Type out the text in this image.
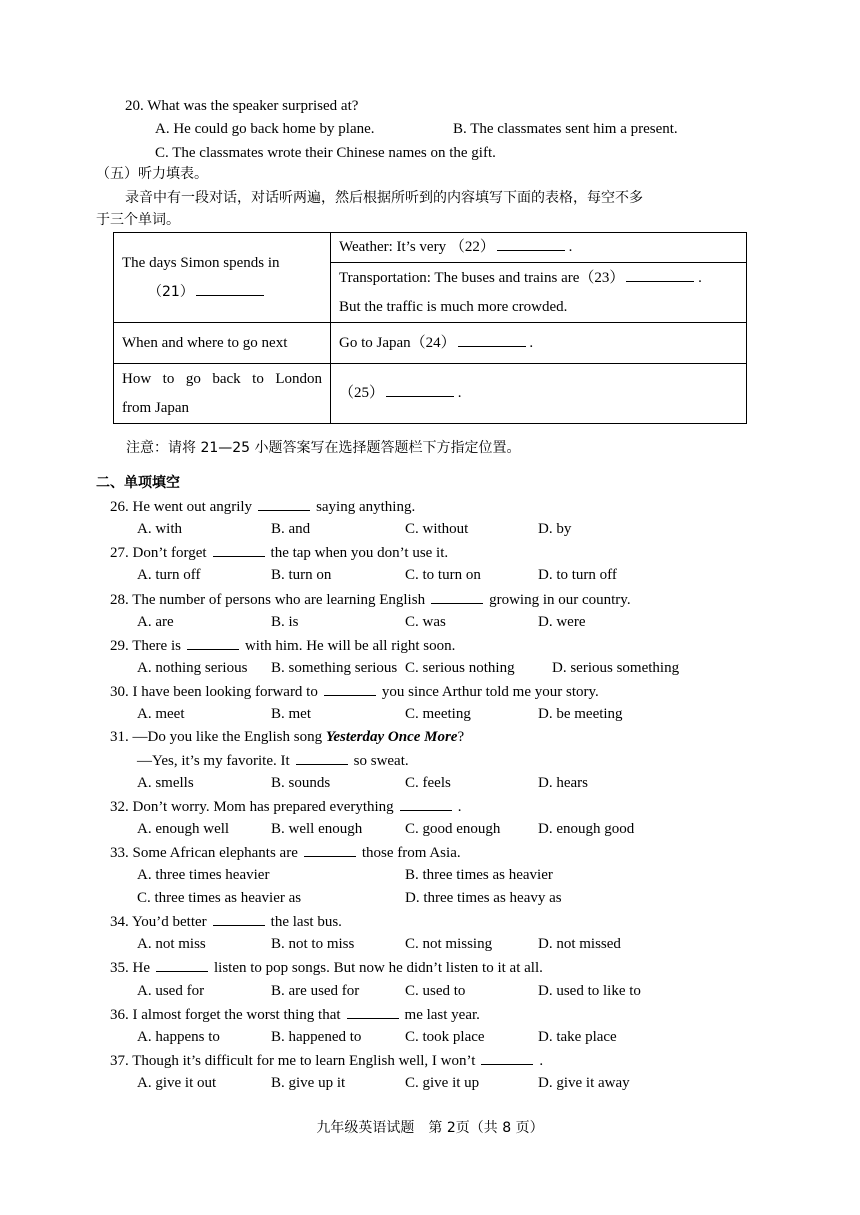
20. What was the speaker surprised at?
A. He could go back home by plane.	B. The classmates sent him a present.
C. The classmates wrote their Chinese names on the gift.
（五）听力填表。
录音中有一段对话，对话听两遍，然后根据所听到的内容填写下面的表格，每空不多
于三个单词。
The days Simon spends in
（21）	Weather: It’s very （22） .

	Transportation: The buses and trains are（23） .
But the traffic is much more crowded.

When and where to go next	Go to Japan（24） .

How to go back to London
from Japan	（25） .
注意：请将 21—25 小题答案写在选择题答题栏下方指定位置。
二、单项填空
26. He went out angrily	saying anything.
A. with	B. and	C. without	D. by
27. Don’t forget	the tap when you don’t use it.
A. turn off	B. turn on	C. to turn on	D. to turn off
28. The number of persons who are learning English	growing in our country.
A. are	B. is	C. was	D. were
29. There is	with him. He will be all right soon.
A. nothing serious B. something serious C. serious nothing D. serious something
30. I have been looking forward to	you since Arthur told me your story.
A. meet	B. met	C. meeting	D. be meeting
31. —Do you like the English song Yesterday Once More?
—Yes, it’s my favorite. It	so sweat.
A. smells	B. sounds	C. feels	D. hears
32. Don’t worry. Mom has prepared everything	.
A. enough well	B. well enough	C. good enough	D. enough good
33. Some African elephants are	those from Asia.
A. three times heavier	B. three times as heavier
C. three times as heavier as	D. three times as heavy as
34. You’d better	the last bus.
A. not miss	B. not to miss	C. not missing	D. not missed
35. He	listen to pop songs. But now he didn’t listen to it at all.
A. used for	B. are used for	C. used to	D. used to like to
36. I almost forget the worst thing that	me last year.
A. happens to	B. happened to	C. took place	D. take place
37. Though it’s difficult for me to learn English well, I won’t	.
A. give it out	B. give up it	C. give it up	D. give it away
九年级英语试题　第 2页（共 8 页）
